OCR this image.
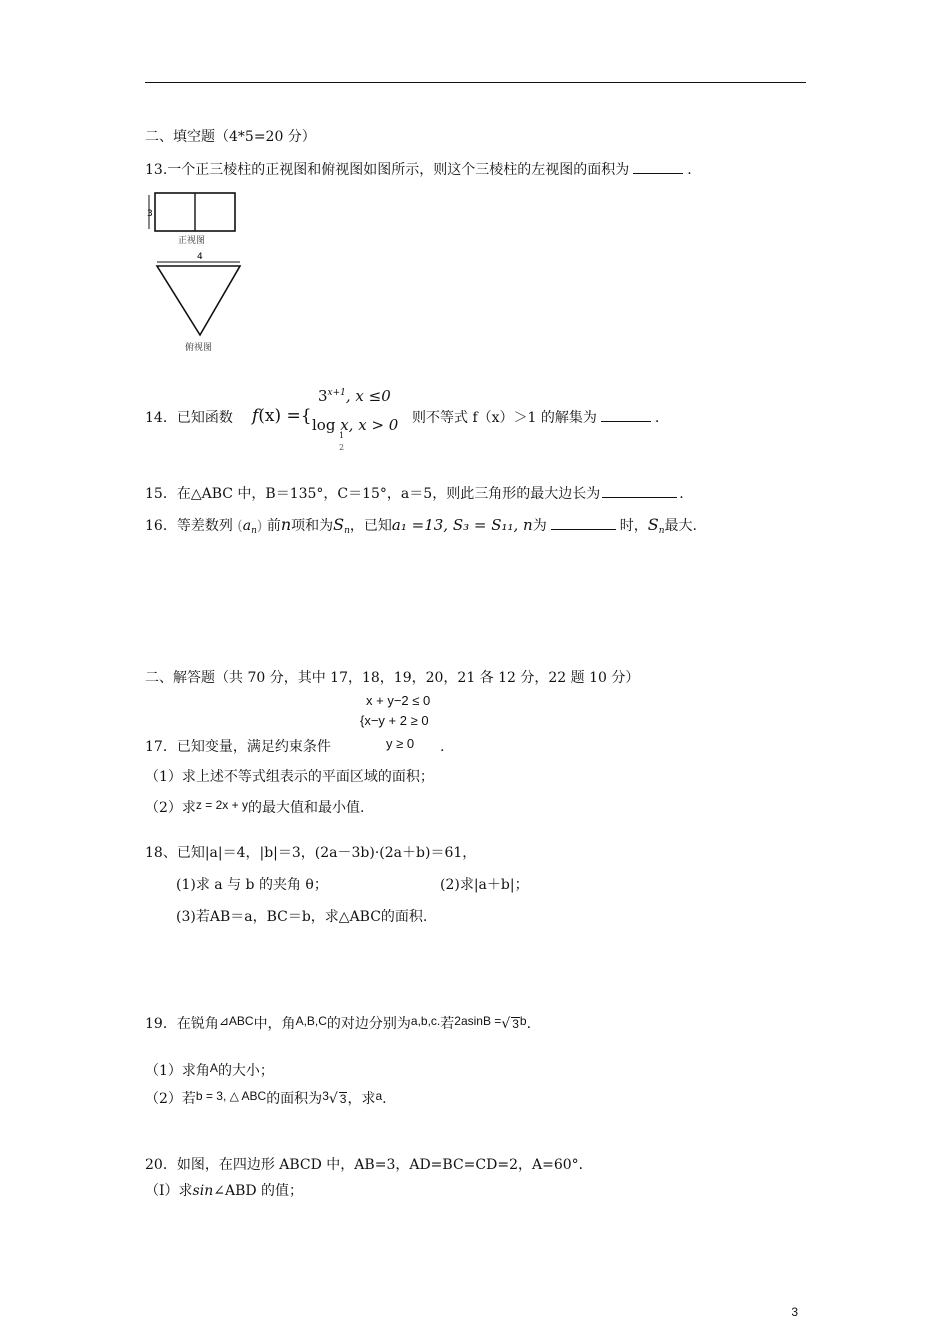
二、填空题（4*5=20 分）
13.一个正三棱柱的正视图和俯视图如图所示，则这个三棱柱的左视图的面积为	.
3
正视图
4
俯视图
14．已知函数 f(x) ={
$3^{x+1}$, x ≤0
log x, x > 0
1
2
则不等式 f（x）＞1 的解集为	.
15．在△ABC 中，B＝135°，C＝15°，a＝5，则此三角形的最大边长为	.
16．等差数列 $(a_n)$ 前n项和为$S_n$，已知a₁ =13, S₃ = S₁₁, n为	时，$S_n$最大.
二、解答题（共 70 分，其中 17，18，19，20，21 各 12 分，22 题 10 分）
x + y−2 ≤ 0
{x−y + 2 ≥ 0
y ≥ 0
17．已知变量，满足约束条件	.
（1）求上述不等式组表示的平面区域的面积；
（2）求z = 2x + y的最大值和最小值.
18、已知|a|＝4，|b|＝3，(2a－3b)·(2a＋b)＝61，
(1)求 a 与 b 的夹角 θ；	(2)求|a＋b|；
(3)若AB＝a，BC＝b，求△ABC的面积.
19．在锐角⊿ABC中，角A,B,C的对边分别为a,b,c.若2asinB =√ 3b.
（1）求角A的大小；
（2）若b = 3, △ ABC的面积为3√ 3，求a.
20．如图，在四边形 ABCD 中，AB=3，AD=BC=CD=2，A=60°．
（Ⅰ）求sin∠ABD 的值；
3
